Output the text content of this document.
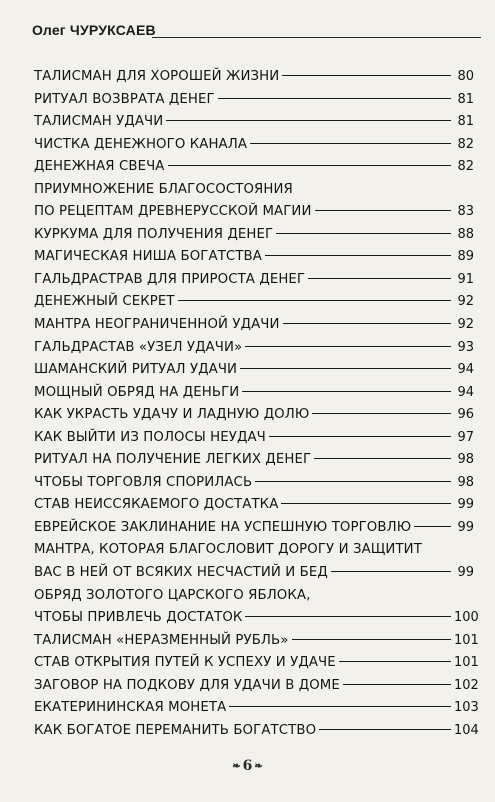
Олег ЧУРУКСАЕВ
ТАЛИСМАН ДЛЯ ХОРОШЕЙ ЖИЗНИ	80
РИТУАЛ ВОЗВРАТА ДЕНЕГ	81
ТАЛИСМАН УДАЧИ	81
ЧИСТКА ДЕНЕЖНОГО КАНАЛА	82
ДЕНЕЖНАЯ СВЕЧА	82
ПРИУМНОЖЕНИЕ БЛАГОСОСТОЯНИЯ
ПО РЕЦЕПТАМ ДРЕВНЕРУССКОЙ МАГИИ	83
КУРКУМА ДЛЯ ПОЛУЧЕНИЯ ДЕНЕГ	88
МАГИЧЕСКАЯ НИША БОГАТСТВА	89
ГАЛЬДРАСТРАВ ДЛЯ ПРИРОСТА ДЕНЕГ	91
ДЕНЕЖНЫЙ СЕКРЕТ	92
МАНТРА НЕОГРАНИЧЕННОЙ УДАЧИ	92
ГАЛЬДРАСТАВ «УЗЕЛ УДАЧИ»	93
ШАМАНСКИЙ РИТУАЛ УДАЧИ	94
МОЩНЫЙ ОБРЯД НА ДЕНЬГИ	94
КАК УКРАСТЬ УДАЧУ И ЛАДНУЮ ДОЛЮ	96
КАК ВЫЙТИ ИЗ ПОЛОСЫ НЕУДАЧ	97
РИТУАЛ НА ПОЛУЧЕНИЕ ЛЕГКИХ ДЕНЕГ	98
ЧТОБЫ ТОРГОВЛЯ СПОРИЛАСЬ	98
СТАВ НЕИССЯКАЕМОГО ДОСТАТКА	99
ЕВРЕЙСКОЕ ЗАКЛИНАНИЕ НА УСПЕШНУЮ ТОРГОВЛЮ	99
МАНТРА, КОТОРАЯ БЛАГОСЛОВИТ ДОРОГУ И ЗАЩИТИТ
ВАС В НЕЙ ОТ ВСЯКИХ НЕСЧАСТИЙ И БЕД	99
ОБРЯД ЗОЛОТОГО ЦАРСКОГО ЯБЛОКА,
ЧТОБЫ ПРИВЛЕЧЬ ДОСТАТОК	100
ТАЛИСМАН «НЕРАЗМЕННЫЙ РУБЛЬ»	101
СТАВ ОТКРЫТИЯ ПУТЕЙ К УСПЕХУ И УДАЧЕ	101
ЗАГОВОР НА ПОДКОВУ ДЛЯ УДАЧИ В ДОМЕ	102
ЕКАТЕРИНИНСКАЯ МОНЕТА	103
КАК БОГАТОЕ ПЕРЕМАНИТЬ БОГАТСТВО	104
❧ 6 ❧
